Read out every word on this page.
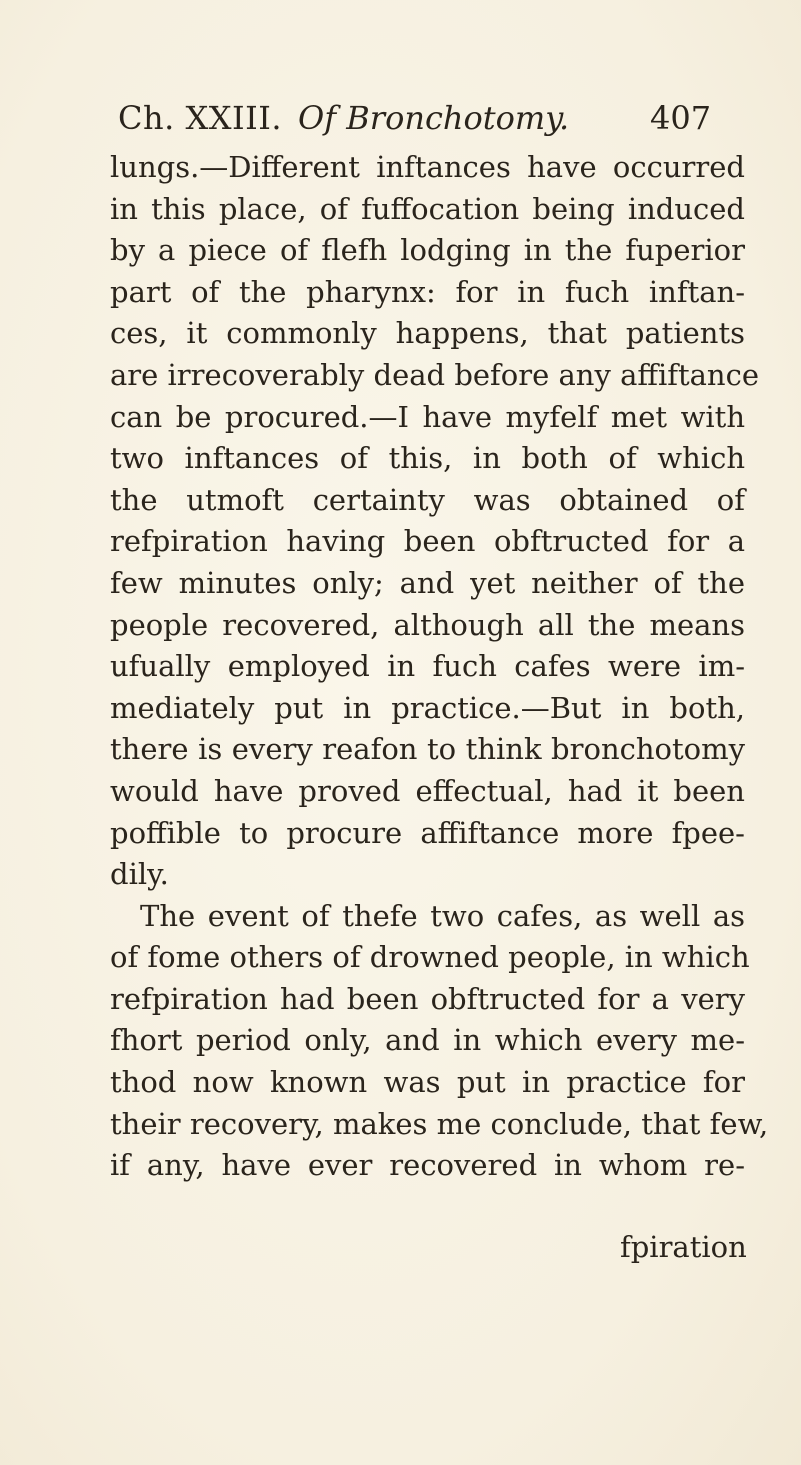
Ch. XXIII. Of Bronchotomy.	407
lungs.—Different inftances have occurred
in this place, of fuffocation being induced
by a piece of flefh lodging in the fuperior
part of the pharynx: for in fuch inftan-
ces, it commonly happens, that patients
are irrecoverably dead before any affiftance
can be procured.—I have myfelf met with
two inftances of this, in both of which
the utmoft certainty was obtained of
refpiration having been obftructed for a
few minutes only; and yet neither of the
people recovered, although all the means
ufually employed in fuch cafes were im-
mediately put in practice.—But in both,
there is every reafon to think bronchotomy
would have proved effectual, had it been
poffible to procure affiftance more fpee-
dily.
The event of thefe two cafes, as well as
of fome others of drowned people, in which
refpiration had been obftructed for a very
fhort period only, and in which every me-
thod now known was put in practice for
their recovery, makes me conclude, that few,
if any, have ever recovered in whom re-
fpiration
